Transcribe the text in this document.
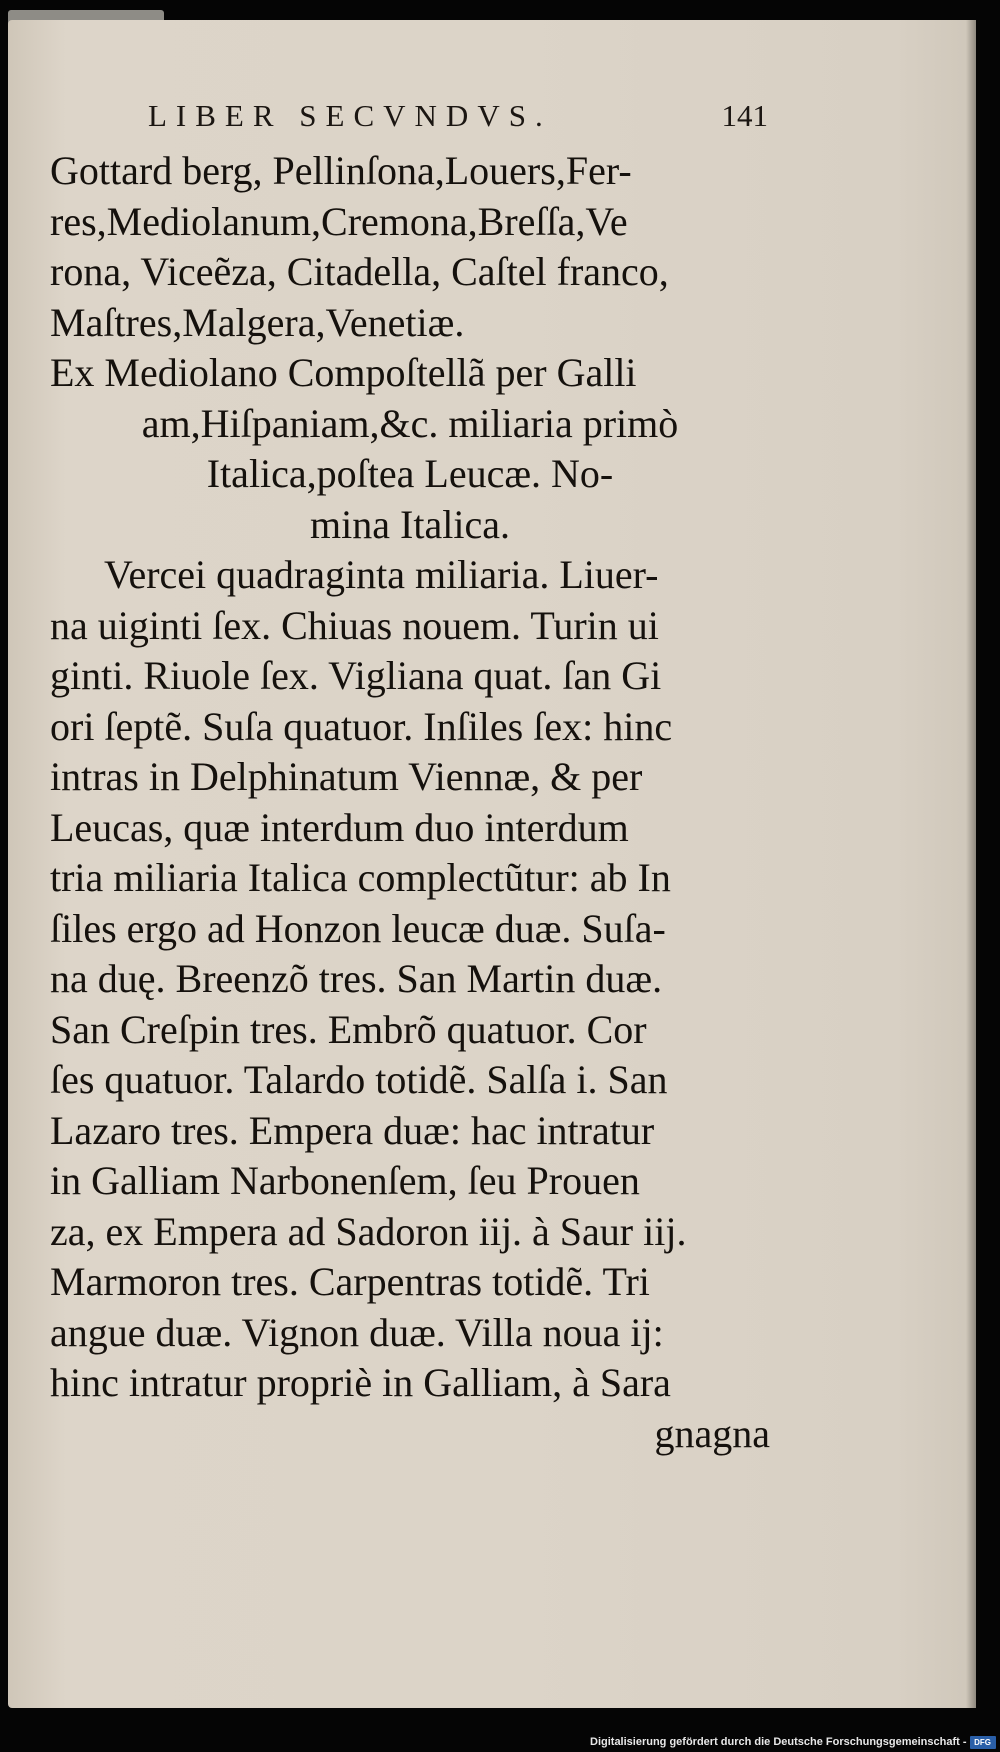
LIBER SECVNDVS.	141
Gottard berg, Pellinſona,Louers,Fer-
res,Mediolanum,Cremona,Breſſa,Ve
rona, Viceẽza, Citadella, Caſtel franco,
Maſtres,Malgera,Venetiæ.
Ex Mediolano Compoſtellã per Galli
am,Hiſpaniam,&c. miliaria primò
Italica,poſtea Leucæ. No-
mina Italica.
Vercei quadraginta miliaria. Liuer-
na uiginti ſex. Chiuas nouem. Turin ui
ginti. Riuole ſex. Vigliana quat. ſan Gi
ori ſeptẽ. Suſa quatuor. Inſiles ſex: hinc
intras in Delphinatum Viennæ, & per
Leucas, quæ interdum duo interdum
tria miliaria Italica complectũtur: ab In
ſiles ergo ad Honzon leucæ duæ. Suſa-
na duę. Breenzõ tres. San Martin duæ.
San Creſpin tres. Embrõ quatuor. Cor
ſes quatuor. Talardo totidẽ. Salſa i. San
Lazaro tres. Empera duæ: hac intratur
in Galliam Narbonenſem, ſeu Prouen
za, ex Empera ad Sadoron iij. à Saur iij.
Marmoron tres. Carpentras totidẽ. Tri
angue duæ. Vignon duæ. Villa noua ij:
hinc intratur propriè in Galliam, à Sara
gnagna
Digitalisierung gefördert durch die Deutsche Forschungsgemeinschaft - DFG
